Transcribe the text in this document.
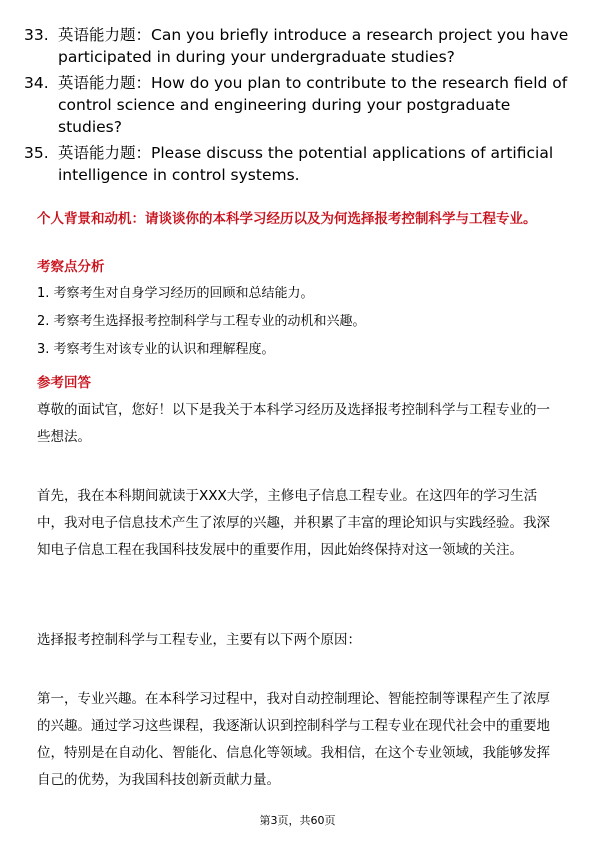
33. 英语能力题：Can you briefly introduce a research project you have participated in during your undergraduate studies?
34. 英语能力题：How do you plan to contribute to the research field of control science and engineering during your postgraduate studies?
35. 英语能力题：Please discuss the potential applications of artificial intelligence in control systems.
个人背景和动机：请谈谈你的本科学习经历以及为何选择报考控制科学与工程专业。
考察点分析
1. 考察考生对自身学习经历的回顾和总结能力。
2. 考察考生选择报考控制科学与工程专业的动机和兴趣。
3. 考察考生对该专业的认识和理解程度。
参考回答
尊敬的面试官，您好！以下是我关于本科学习经历及选择报考控制科学与工程专业的一些想法。
首先，我在本科期间就读于XXX大学，主修电子信息工程专业。在这四年的学习生活中，我对电子信息技术产生了浓厚的兴趣，并积累了丰富的理论知识与实践经验。我深知电子信息工程在我国科技发展中的重要作用，因此始终保持对这一领域的关注。
选择报考控制科学与工程专业，主要有以下两个原因：
第一，专业兴趣。在本科学习过程中，我对自动控制理论、智能控制等课程产生了浓厚的兴趣。通过学习这些课程，我逐渐认识到控制科学与工程专业在现代社会中的重要地位，特别是在自动化、智能化、信息化等领域。我相信，在这个专业领域，我能够发挥自己的优势，为我国科技创新贡献力量。
第3页，共60页
